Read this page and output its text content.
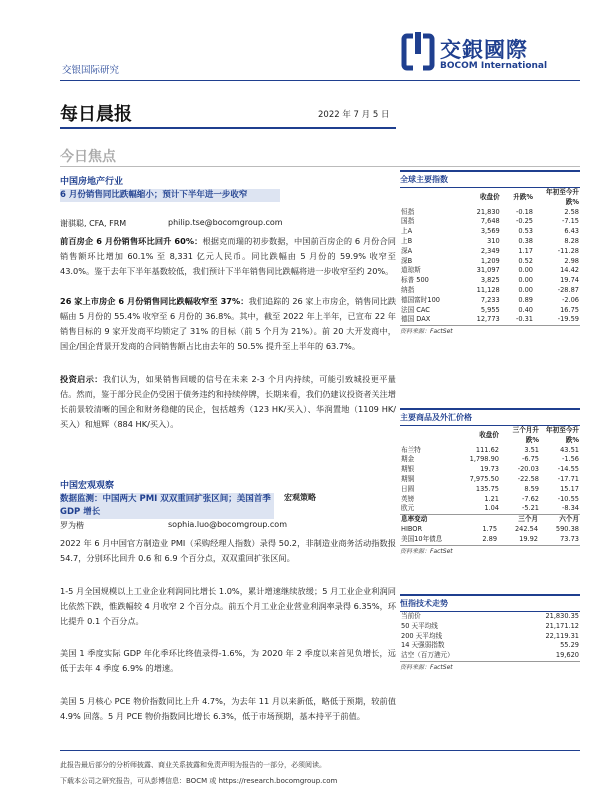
交银国际研究
交銀國際
BOCOM International
每日晨报	2022 年 7 月 5 日
今日焦点
中国房地产行业
6 月份销售同比跌幅缩小；预计下半年进一步收窄
谢骐聪, CFA, FRM	philip.tse@bocomgroup.com
前百房企 6 月份销售环比回升 60%：根据克而瑞的初步数据，中国前百房企的 6 月份合同销售额环比增加 60.1% 至 8,331 亿元人民币。同比跌幅由 5 月份的 59.9% 收窄至 43.0%。鉴于去年下半年基数较低，我们预计下半年销售同比跌幅将进一步收窄至约 20%。
26 家上市房企 6 月份销售同比跌幅收窄至 37%：我们追踪的 26 家上市房企，销售同比跌幅由 5 月份的 55.4% 收窄至 6 月份的 36.8%。其中，截至 2022 年上半年，已宣布 22 年销售目标的 9 家开发商平均锁定了 31% 的目标（前 5 个月为 21%）。前 20 大开发商中，国企/国企背景开发商的合同销售额占比由去年的 50.5% 提升至上半年的 63.7%。
投资启示：我们认为，如果销售回暖的信号在未来 2-3 个月内持续，可能引致城投更平量估。然而，鉴于部分民企仍受困于债务违约和持续停牌，长期来看，我们仍建议投资者关注增长前景较清晰的国企和财务稳健的民企，包括越秀（123 HK/买入）、华润置地（1109 HK/买入）和旭辉（884 HK/买入）。
中国宏观观察
数据监测：中国两大 PMI 双双重回扩张区间；美国首季 GDP 增长
宏观策略
罗为楷	sophia.luo@bocomgroup.com
2022 年 6 月中国官方制造业 PMI（采购经理人指数）录得 50.2，非制造业商务活动指数报 54.7，分别环比回升 0.6 和 6.9 个百分点，双双重回扩张区间。
1-5 月全国规模以上工业企业利润同比增长 1.0%，累计增速继续放缓；5 月工业企业利润同比依然下跌，惟跌幅较 4 月收窄 2 个百分点。前五个月工业企业营业利润率录得 6.35%，环比提升 0.1 个百分点。
美国 1 季度实际 GDP 年化季环比终值录得-1.6%，为 2020 年 2 季度以来首见负增长，远低于去年 4 季度 6.9% 的增速。
美国 5 月核心 PCE 物价指数同比上升 4.7%，为去年 11 月以来新低，略低于预期，较前值 4.9% 回落。5 月 PCE 物价指数同比增长 6.3%，低于市场预期，基本持平于前值。
全球主要指数
	收盘价	升跌%	年初至今升跌%
恒指	21,830	-0.18	2.58
国指	7,648	-0.25	-7.15
上A	3,569	0.53	6.43
上B	310	0.38	8.28
深A	2,349	1.17	-11.28
深B	1,209	0.52	2.98
道琼斯	31,097	0.00	14.42
标普 500	3,825	0.00	19.74
纳指	11,128	0.00	-28.87
德国富时100	7,233	0.89	-2.06
法国 CAC	5,955	0.40	16.75
德国 DAX	12,773	-0.31	-19.59
资料来源：FactSet
主要商品及外汇价格
	收盘价	三个月升跌%	年初至今升跌%
布兰特	111.62	3.51	43.51
期金	1,798.90	-6.75	-1.56
期银	19.73	-20.03	-14.55
期铜	7,975.50	-22.58	-17.71
日圆	135.75	8.59	15.17
英镑	1.21	-7.62	-10.55
欧元	1.04	-5.21	-8.34
息率变动		三个月	六个月
HIBOR	1.75	242.54	590.38
美国10年债息	2.89	19.92	73.73
资料来源：FactSet
恒指技术走势
当前价	21,830.35
50 天平均线	21,171.12
200 天平均线	22,119.31
14 天强弱指数	55.29
沽空（百万港元）	19,620
资料来源：FactSet
此报告最后部分的分析师披露、商业关系披露和免责声明为报告的一部分，必须阅读。
下载本公司之研究报告，可从彭博信息：BOCM 或 https://research.bocomgroup.com
